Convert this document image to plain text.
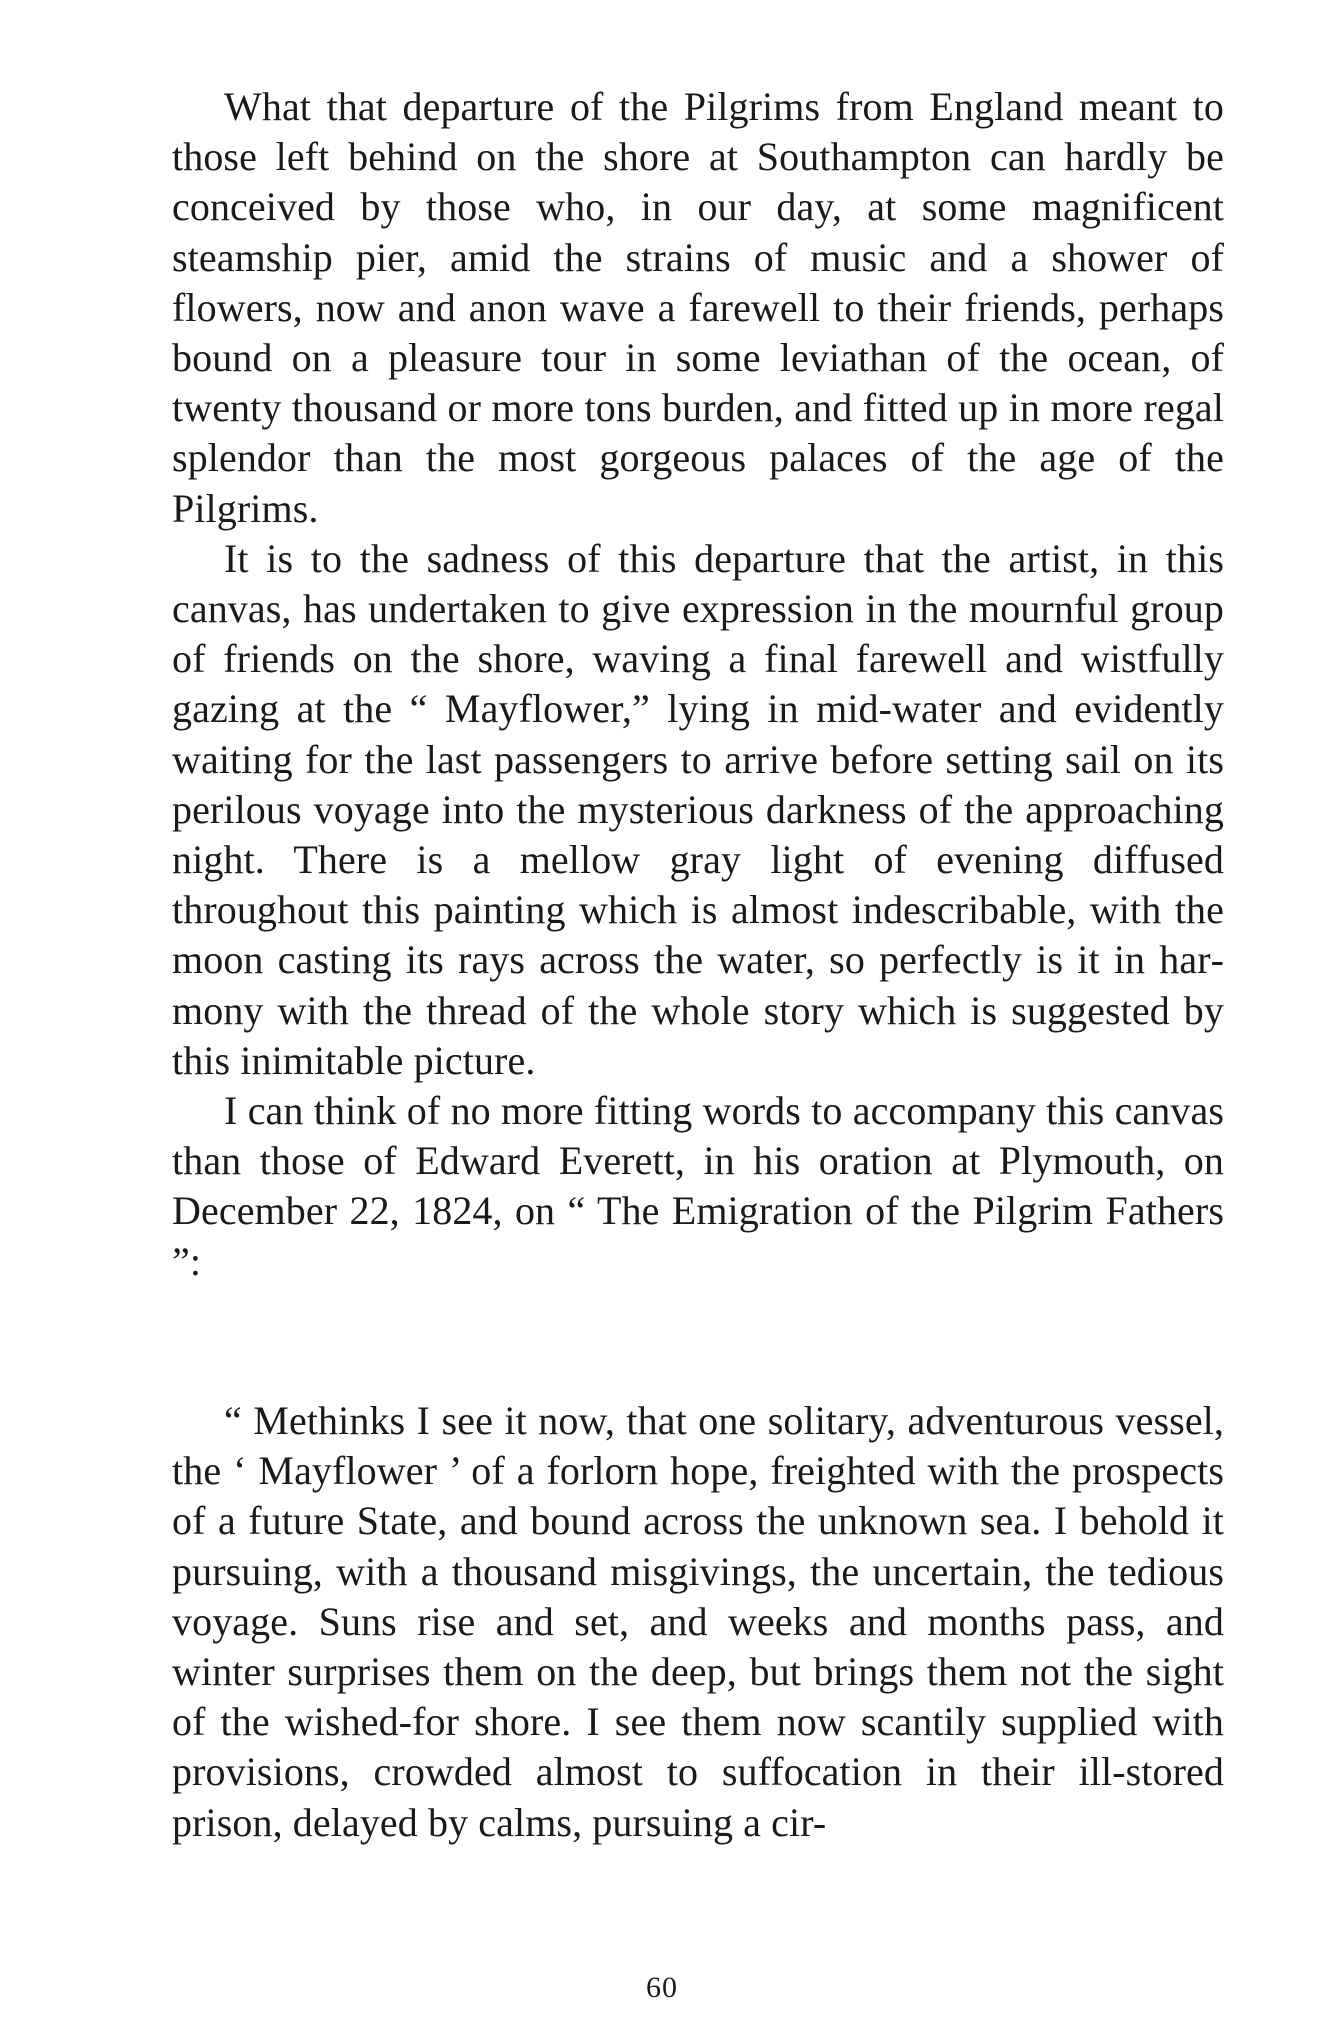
What that departure of the Pilgrims from England meant to those left behind on the shore at Southampton can hardly be conceived by those who, in our day, at some magnificent steamship pier, amid the strains of music and a shower of flowers, now and anon wave a farewell to their friends, perhaps bound on a pleasure tour in some leviathan of the ocean, of twenty thousand or more tons burden, and fitted up in more regal splendor than the most gorgeous palaces of the age of the Pilgrims.

It is to the sadness of this departure that the artist, in this canvas, has undertaken to give expression in the mournful group of friends on the shore, waving a final farewell and wistfully gazing at the “ Mayflower,” lying in mid-water and evidently waiting for the last passengers to arrive before setting sail on its perilous voyage into the mysterious darkness of the approaching night. There is a mellow gray light of evening diffused throughout this painting which is almost indescribable, with the moon casting its rays across the water, so perfectly is it in harmony with the thread of the whole story which is suggested by this inimitable picture.

I can think of no more fitting words to accompany this canvas than those of Edward Everett, in his oration at Plymouth, on December 22, 1824, on “ The Emigration of the Pilgrim Fathers ”:

“ Methinks I see it now, that one solitary, adventurous vessel, the ‘ Mayflower ’ of a forlorn hope, freighted with the prospects of a future State, and bound across the unknown sea. I behold it pursuing, with a thousand misgivings, the uncertain, the tedious voyage. Suns rise and set, and weeks and months pass, and winter surprises them on the deep, but brings them not the sight of the wished-for shore. I see them now scantily supplied with provisions, crowded almost to suffocation in their ill-stored prison, delayed by calms, pursuing a cir-

60
